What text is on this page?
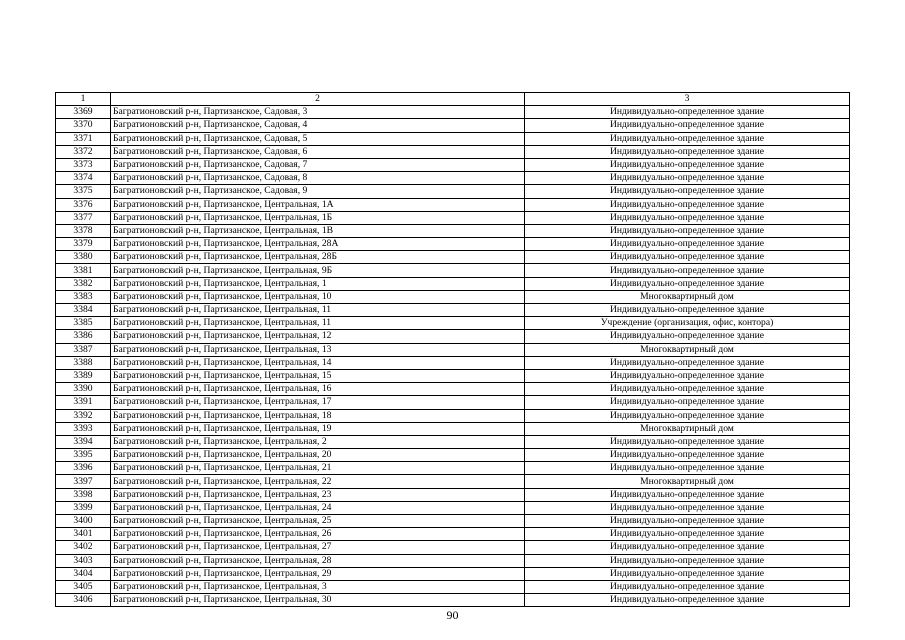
1	2	3
3369	Багратионовский р-н, Партизанское, Садовая, 3	Индивидуально-определенное здание
3370	Багратионовский р-н, Партизанское, Садовая, 4	Индивидуально-определенное здание
3371	Багратионовский р-н, Партизанское, Садовая, 5	Индивидуально-определенное здание
3372	Багратионовский р-н, Партизанское, Садовая, 6	Индивидуально-определенное здание
3373	Багратионовский р-н, Партизанское, Садовая, 7	Индивидуально-определенное здание
3374	Багратионовский р-н, Партизанское, Садовая, 8	Индивидуально-определенное здание
3375	Багратионовский р-н, Партизанское, Садовая, 9	Индивидуально-определенное здание
3376	Багратионовский р-н, Партизанское, Центральная, 1А	Индивидуально-определенное здание
3377	Багратионовский р-н, Партизанское, Центральная, 1Б	Индивидуально-определенное здание
3378	Багратионовский р-н, Партизанское, Центральная, 1В	Индивидуально-определенное здание
3379	Багратионовский р-н, Партизанское, Центральная, 28А	Индивидуально-определенное здание
3380	Багратионовский р-н, Партизанское, Центральная, 28Б	Индивидуально-определенное здание
3381	Багратионовский р-н, Партизанское, Центральная, 9Б	Индивидуально-определенное здание
3382	Багратионовский р-н, Партизанское, Центральная, 1	Индивидуально-определенное здание
3383	Багратионовский р-н, Партизанское, Центральная, 10	Многоквартирный дом
3384	Багратионовский р-н, Партизанское, Центральная, 11	Индивидуально-определенное здание
3385	Багратионовский р-н, Партизанское, Центральная, 11	Учреждение (организация, офис, контора)
3386	Багратионовский р-н, Партизанское, Центральная, 12	Индивидуально-определенное здание
3387	Багратионовский р-н, Партизанское, Центральная, 13	Многоквартирный дом
3388	Багратионовский р-н, Партизанское, Центральная, 14	Индивидуально-определенное здание
3389	Багратионовский р-н, Партизанское, Центральная, 15	Индивидуально-определенное здание
3390	Багратионовский р-н, Партизанское, Центральная, 16	Индивидуально-определенное здание
3391	Багратионовский р-н, Партизанское, Центральная, 17	Индивидуально-определенное здание
3392	Багратионовский р-н, Партизанское, Центральная, 18	Индивидуально-определенное здание
3393	Багратионовский р-н, Партизанское, Центральная, 19	Многоквартирный дом
3394	Багратионовский р-н, Партизанское, Центральная, 2	Индивидуально-определенное здание
3395	Багратионовский р-н, Партизанское, Центральная, 20	Индивидуально-определенное здание
3396	Багратионовский р-н, Партизанское, Центральная, 21	Индивидуально-определенное здание
3397	Багратионовский р-н, Партизанское, Центральная, 22	Многоквартирный дом
3398	Багратионовский р-н, Партизанское, Центральная, 23	Индивидуально-определенное здание
3399	Багратионовский р-н, Партизанское, Центральная, 24	Индивидуально-определенное здание
3400	Багратионовский р-н, Партизанское, Центральная, 25	Индивидуально-определенное здание
3401	Багратионовский р-н, Партизанское, Центральная, 26	Индивидуально-определенное здание
3402	Багратионовский р-н, Партизанское, Центральная, 27	Индивидуально-определенное здание
3403	Багратионовский р-н, Партизанское, Центральная, 28	Индивидуально-определенное здание
3404	Багратионовский р-н, Партизанское, Центральная, 29	Индивидуально-определенное здание
3405	Багратионовский р-н, Партизанское, Центральная, 3	Индивидуально-определенное здание
3406	Багратионовский р-н, Партизанское, Центральная, 30	Индивидуально-определенное здание
90
